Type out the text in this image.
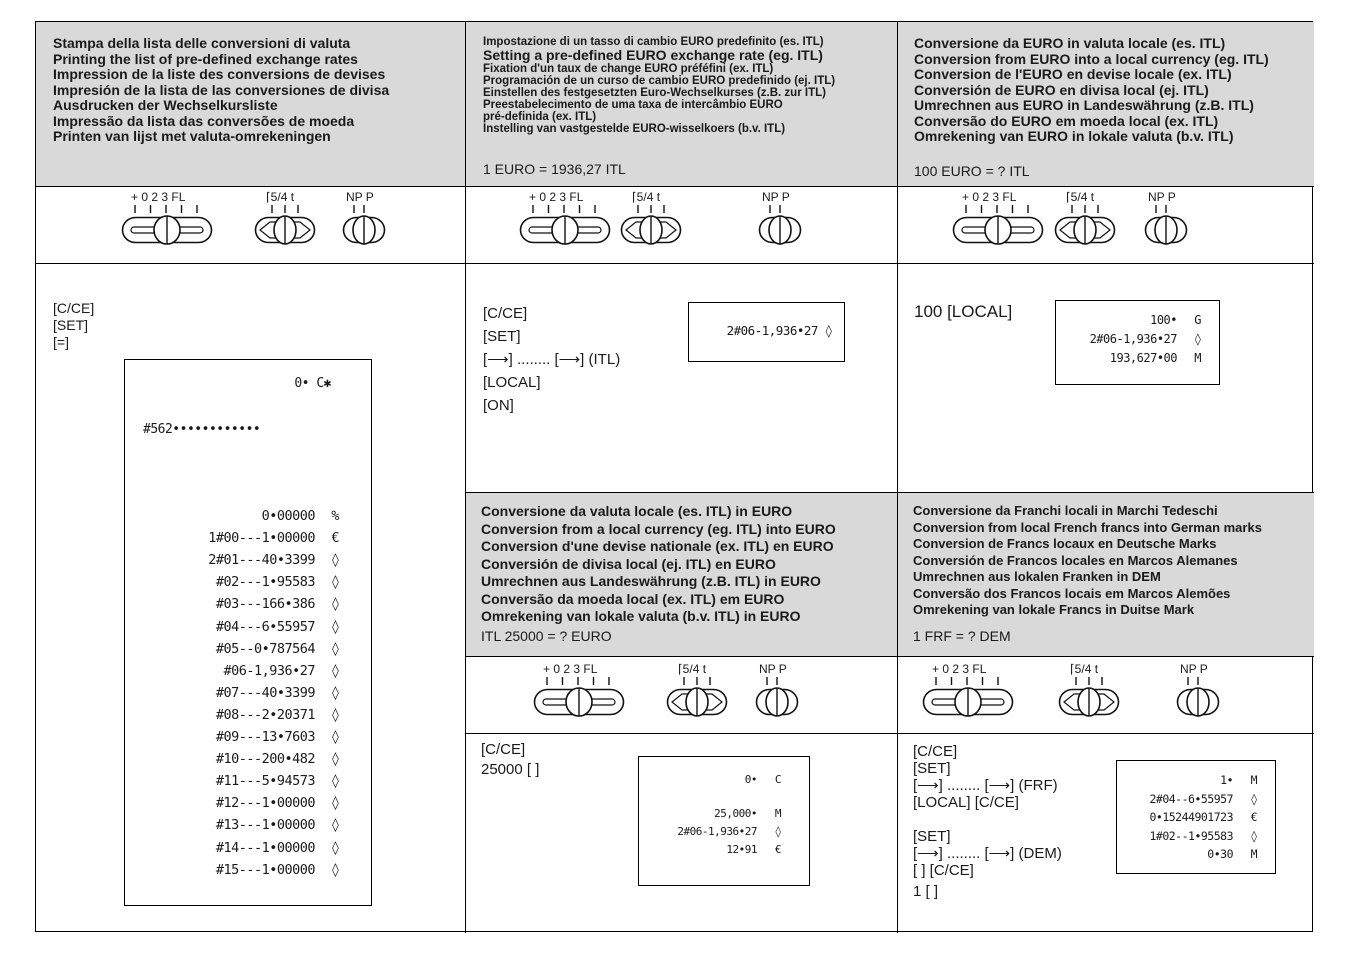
Stampa della lista delle conversioni di valuta
Printing the list of pre-defined exchange rates
Impression de la liste des conversions de devises
Impresión de la lista de las conversiones de divisa
Ausdrucken der Wechselkursliste
Impressão da lista das conversões de moeda
Printen van lijst met valuta-omrekeningen
Impostazione di un tasso di cambio EURO predefinito (es. ITL)
Setting a pre-defined EURO exchange rate (eg. ITL)
Fixation d'un taux de change EURO préféfini (ex. ITL)
Programación de un curso de cambio EURO predefinido (ej. ITL)
Einstellen des festgesetzten Euro-Wechselkurses (z.B. zur ITL)
Preestabelecimento de uma taxa de intercâmbio EURO
pré-definida (ex. ITL)
Instelling van vastgestelde EURO-wisselkoers (b.v. ITL)
1 EURO = 1936,27 ITL
Conversione da EURO in valuta locale (es. ITL)
Conversion from EURO into a local currency (eg. ITL)
Conversion de l'EURO en devise locale (ex. ITL)
Conversión de EURO en divisa local (ej. ITL)
Umrechnen aus EURO in Landeswährung (z.B. ITL)
Conversão do EURO em moeda local (ex. ITL)
Omrekening van EURO in lokale valuta (b.v. ITL)
100 EURO = ? ITL
Conversione da valuta locale (es. ITL) in EURO
Conversion from a local currency (eg. ITL) into EURO
Conversion d'une devise nationale (ex. ITL) en EURO
Conversión de divisa local (ej. ITL) en EURO
Umrechnen aus Landeswährung (z.B. ITL) in EURO
Conversão da moeda local (ex. ITL) em EURO
Omrekening van lokale valuta (b.v. ITL) in EURO
ITL 25000 = ? EURO
Conversione da Franchi locali in Marchi Tedeschi
Conversion from local French francs into German marks
Conversion de Francs locaux en Deutsche Marks
Conversión de Francos locales en Marcos Alemanes
Umrechnen aus lokalen Franken in DEM
Conversão dos Francos locais em Marcos Alemões
Omrekening van lokale Francs in Duitse Mark
1 FRF = ? DEM
+ 0 2 3 FL	⌈5/4 t	NP P	+ 0 2 3 FL	⌈5/4 t	NP P	+ 0 2 3 FL	⌈5/4 t	NP P
+ 0 2 3 FL	⌈5/4 t	NP P	+ 0 2 3 FL	⌈5/4 t	NP P
[C/CE]
[SET]
[=]
0• C✱
#562••••••••••••
0•00000 %
1#00---1•00000 €
2#01---40•3399 ◊
#02---1•95583 ◊
#03---166•386 ◊
#04---6•55957 ◊
#05--0•787564 ◊
#06-1,936•27 ◊
#07---40•3399 ◊
#08---2•20371 ◊
#09---13•7603 ◊
#10---200•482 ◊
#11---5•94573 ◊
#12---1•00000 ◊
#13---1•00000 ◊
#14---1•00000 ◊
#15---1•00000 ◊
[C/CE]
[SET]
[⟶] ........ [⟶] (ITL)
[LOCAL]
[ON]
2#06-1,936•27 ◊
100 [LOCAL]	100• G
2#06-1,936•27 ◊
193,627•00 M
[C/CE]
25000 [ ]
0• C
25,000• M
2#06-1,936•27 ◊
12•91 €
[C/CE]
[SET]
[⟶] ........ [⟶] (FRF)
[LOCAL] [C/CE]

[SET]
[⟶] ........ [⟶] (DEM)
[ ] [C/CE]
1 [ ]
1• M
2#04--6•55957 ◊
0•15244901723 €
1#02--1•95583 ◊
0•30 M
